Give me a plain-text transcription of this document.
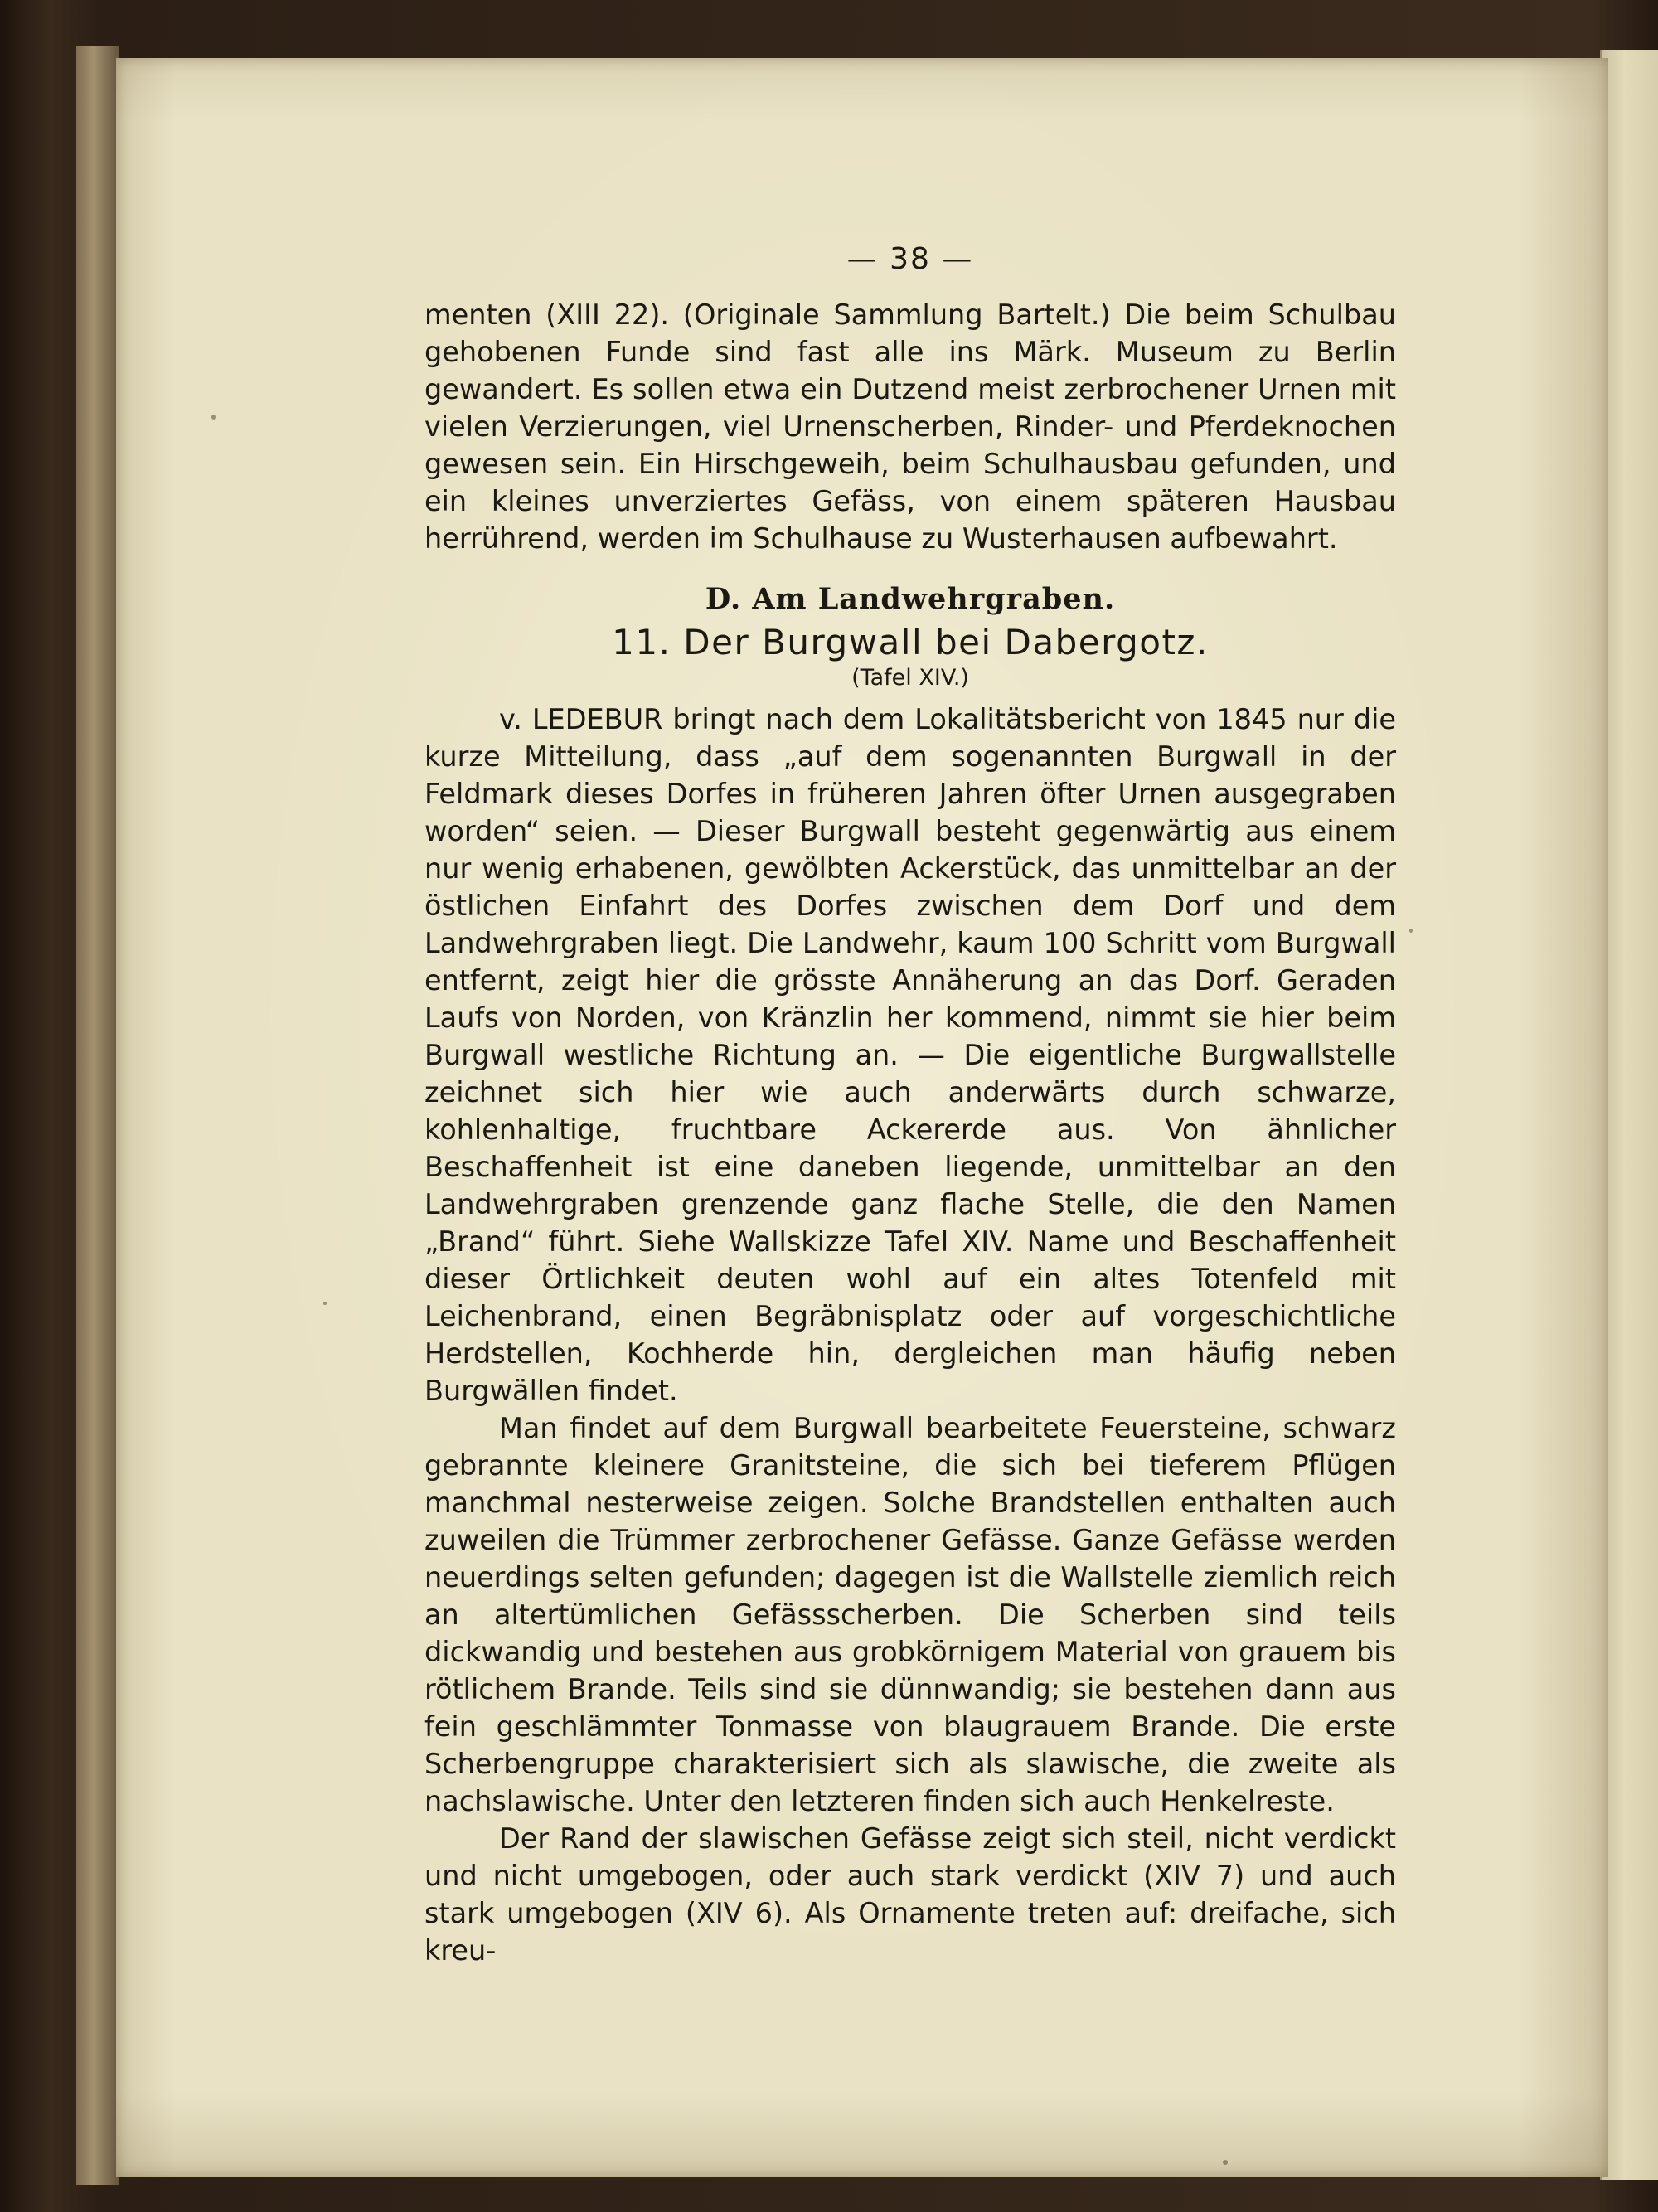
— 38 —

menten (XIII 22). (Originale Sammlung Bartelt.) Die beim Schulbau gehobenen Funde sind fast alle ins Märk. Museum zu Berlin gewandert. Es sollen etwa ein Dutzend meist zerbrochener Urnen mit vielen Verzierungen, viel Urnenscherben, Rinder- und Pferdeknochen gewesen sein. Ein Hirschgeweih, beim Schulhausbau gefunden, und ein kleines unverziertes Gefäss, von einem späteren Hausbau herrührend, werden im Schulhause zu Wusterhausen aufbewahrt.

D. Am Landwehrgraben.
11. Der Burgwall bei Dabergotz.
(Tafel XIV.)

v. LEDEBUR bringt nach dem Lokalitätsbericht von 1845 nur die kurze Mitteilung, dass „auf dem sogenannten Burgwall in der Feldmark dieses Dorfes in früheren Jahren öfter Urnen ausgegraben worden“ seien. — Dieser Burgwall besteht gegenwärtig aus einem nur wenig erhabenen, gewölbten Ackerstück, das unmittelbar an der östlichen Einfahrt des Dorfes zwischen dem Dorf und dem Landwehrgraben liegt. Die Landwehr, kaum 100 Schritt vom Burgwall entfernt, zeigt hier die grösste Annäherung an das Dorf. Geraden Laufs von Norden, von Kränzlin her kommend, nimmt sie hier beim Burgwall westliche Richtung an. — Die eigentliche Burgwallstelle zeichnet sich hier wie auch anderwärts durch schwarze, kohlenhaltige, fruchtbare Ackererde aus. Von ähnlicher Beschaffenheit ist eine daneben liegende, unmittelbar an den Landwehrgraben grenzende ganz flache Stelle, die den Namen „Brand“ führt. Siehe Wallskizze Tafel XIV. Name und Beschaffenheit dieser Örtlichkeit deuten wohl auf ein altes Totenfeld mit Leichenbrand, einen Begräbnisplatz oder auf vorgeschichtliche Herdstellen, Kochherde hin, dergleichen man häufig neben Burgwällen findet.

Man findet auf dem Burgwall bearbeitete Feuersteine, schwarz gebrannte kleinere Granitsteine, die sich bei tieferem Pflügen manchmal nesterweise zeigen. Solche Brandstellen enthalten auch zuweilen die Trümmer zerbrochener Gefässe. Ganze Gefässe werden neuerdings selten gefunden; dagegen ist die Wallstelle ziemlich reich an altertümlichen Gefässscherben. Die Scherben sind teils dickwandig und bestehen aus grobkörnigem Material von grauem bis rötlichem Brande. Teils sind sie dünnwandig; sie bestehen dann aus fein geschlämmter Tonmasse von blaugrauem Brande. Die erste Scherbengruppe charakterisiert sich als slawische, die zweite als nachslawische. Unter den letzteren finden sich auch Henkelreste.

Der Rand der slawischen Gefässe zeigt sich steil, nicht verdickt und nicht umgebogen, oder auch stark verdickt (XIV 7) und auch stark umgebogen (XIV 6). Als Ornamente treten auf: dreifache, sich kreu-
